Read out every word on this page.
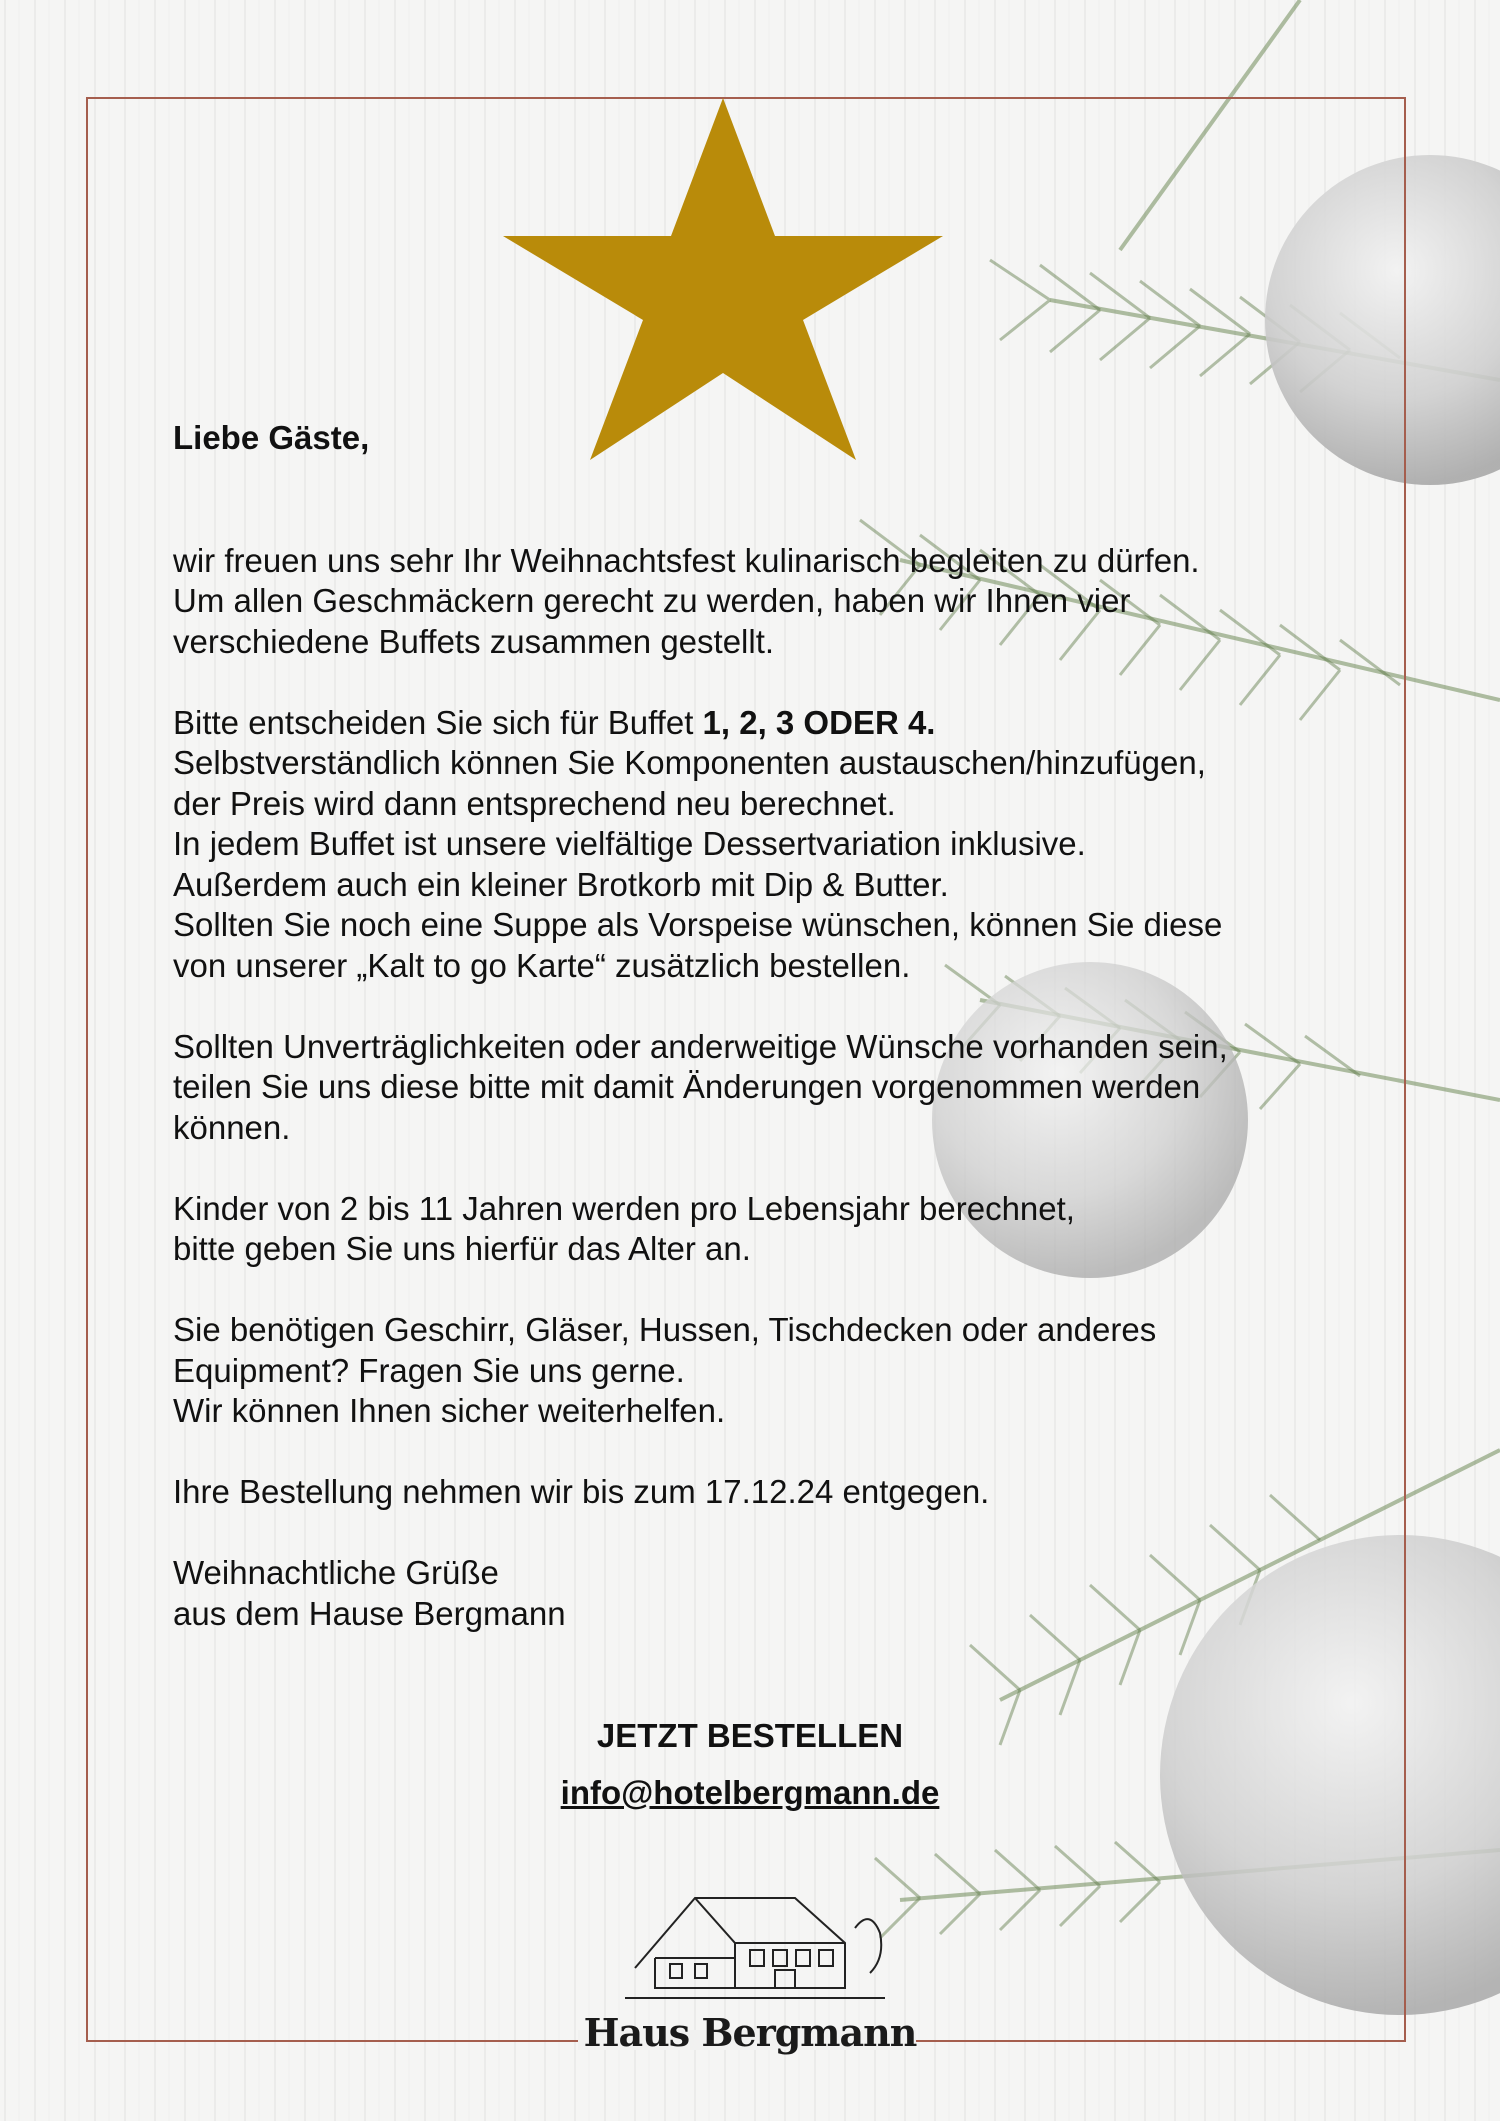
Liebe Gäste,

wir freuen uns sehr Ihr Weihnachtsfest kulinarisch begleiten zu dürfen.
Um allen Geschmäckern gerecht zu werden, haben wir Ihnen vier
verschiedene Buffets zusammen gestellt.

Bitte entscheiden Sie sich für Buffet 1, 2, 3 ODER 4.
Selbstverständlich können Sie Komponenten austauschen/hinzufügen,
der Preis wird dann entsprechend neu berechnet.
In jedem Buffet ist unsere vielfältige Dessertvariation inklusive.
Außerdem auch ein kleiner Brotkorb mit Dip & Butter.
Sollten Sie noch eine Suppe als Vorspeise wünschen, können Sie diese
von unserer „Kalt to go Karte“ zusätzlich bestellen.

Sollten Unverträglichkeiten oder anderweitige Wünsche vorhanden sein,
teilen Sie uns diese bitte mit damit Änderungen vorgenommen werden
können.

Kinder von 2 bis 11 Jahren werden pro Lebensjahr berechnet,
bitte geben Sie uns hierfür das Alter an.

Sie benötigen Geschirr, Gläser, Hussen, Tischdecken oder anderes
Equipment? Fragen Sie uns gerne.
Wir können Ihnen sicher weiterhelfen.

Ihre Bestellung nehmen wir bis zum 17.12.24 entgegen.

Weihnachtliche Grüße
aus dem Hause Bergmann

JETZT BESTELLEN
info@hotelbergmann.de
Haus Bergmann
